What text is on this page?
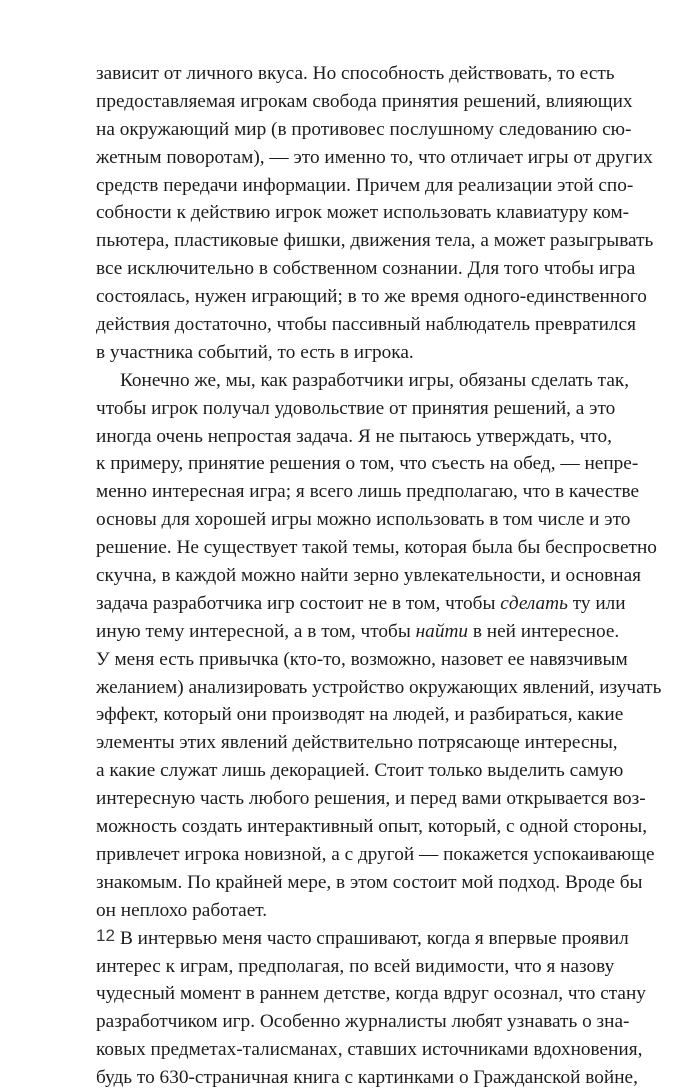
зависит от личного вкуса. Но способность действовать, то есть
предоставляемая игрокам свобода принятия решений, влияющих
на окружающий мир (в противовес послушному следованию сю-
жетным поворотам), — это именно то, что отличает игры от других
средств передачи информации. Причем для реализации этой спо-
собности к действию игрок может использовать клавиатуру ком-
пьютера, пластиковые фишки, движения тела, а может разыгрывать
все исключительно в собственном сознании. Для того чтобы игра
состоялась, нужен играющий; в то же время одного-единственного
действия достаточно, чтобы пассивный наблюдатель превратился
в участника событий, то есть в игрока.
Конечно же, мы, как разработчики игры, обязаны сделать так,
чтобы игрок получал удовольствие от принятия решений, а это
иногда очень непростая задача. Я не пытаюсь утверждать, что,
к примеру, принятие решения о том, что съесть на обед, — непре-
менно интересная игра; я всего лишь предполагаю, что в качестве
основы для хорошей игры можно использовать в том числе и это
решение. Не существует такой темы, которая была бы беспросветно
скучна, в каждой можно найти зерно увлекательности, и основная
задача разработчика игр состоит не в том, чтобы сделать ту или
иную тему интересной, а в том, чтобы найти в ней интересное.
У меня есть привычка (кто-то, возможно, назовет ее навязчивым
желанием) анализировать устройство окружающих явлений, изучать
эффект, который они производят на людей, и разбираться, какие
элементы этих явлений действительно потрясающе интересны,
а какие служат лишь декорацией. Стоит только выделить самую
интересную часть любого решения, и перед вами открывается воз-
можность создать интерактивный опыт, который, с одной стороны,
привлечет игрока новизной, а с другой — покажется успокаивающе
знакомым. По крайней мере, в этом состоит мой подход. Вроде бы
он неплохо работает.
В интервью меня часто спрашивают, когда я впервые проявил
интерес к играм, предполагая, по всей видимости, что я назову
чудесный момент в раннем детстве, когда вдруг осознал, что стану
разработчиком игр. Особенно журналисты любят узнавать о зна-
ковых предметах-талисманах, ставших источниками вдохновения,
будь то 630-страничная книга с картинками о Гражданской войне,
12
